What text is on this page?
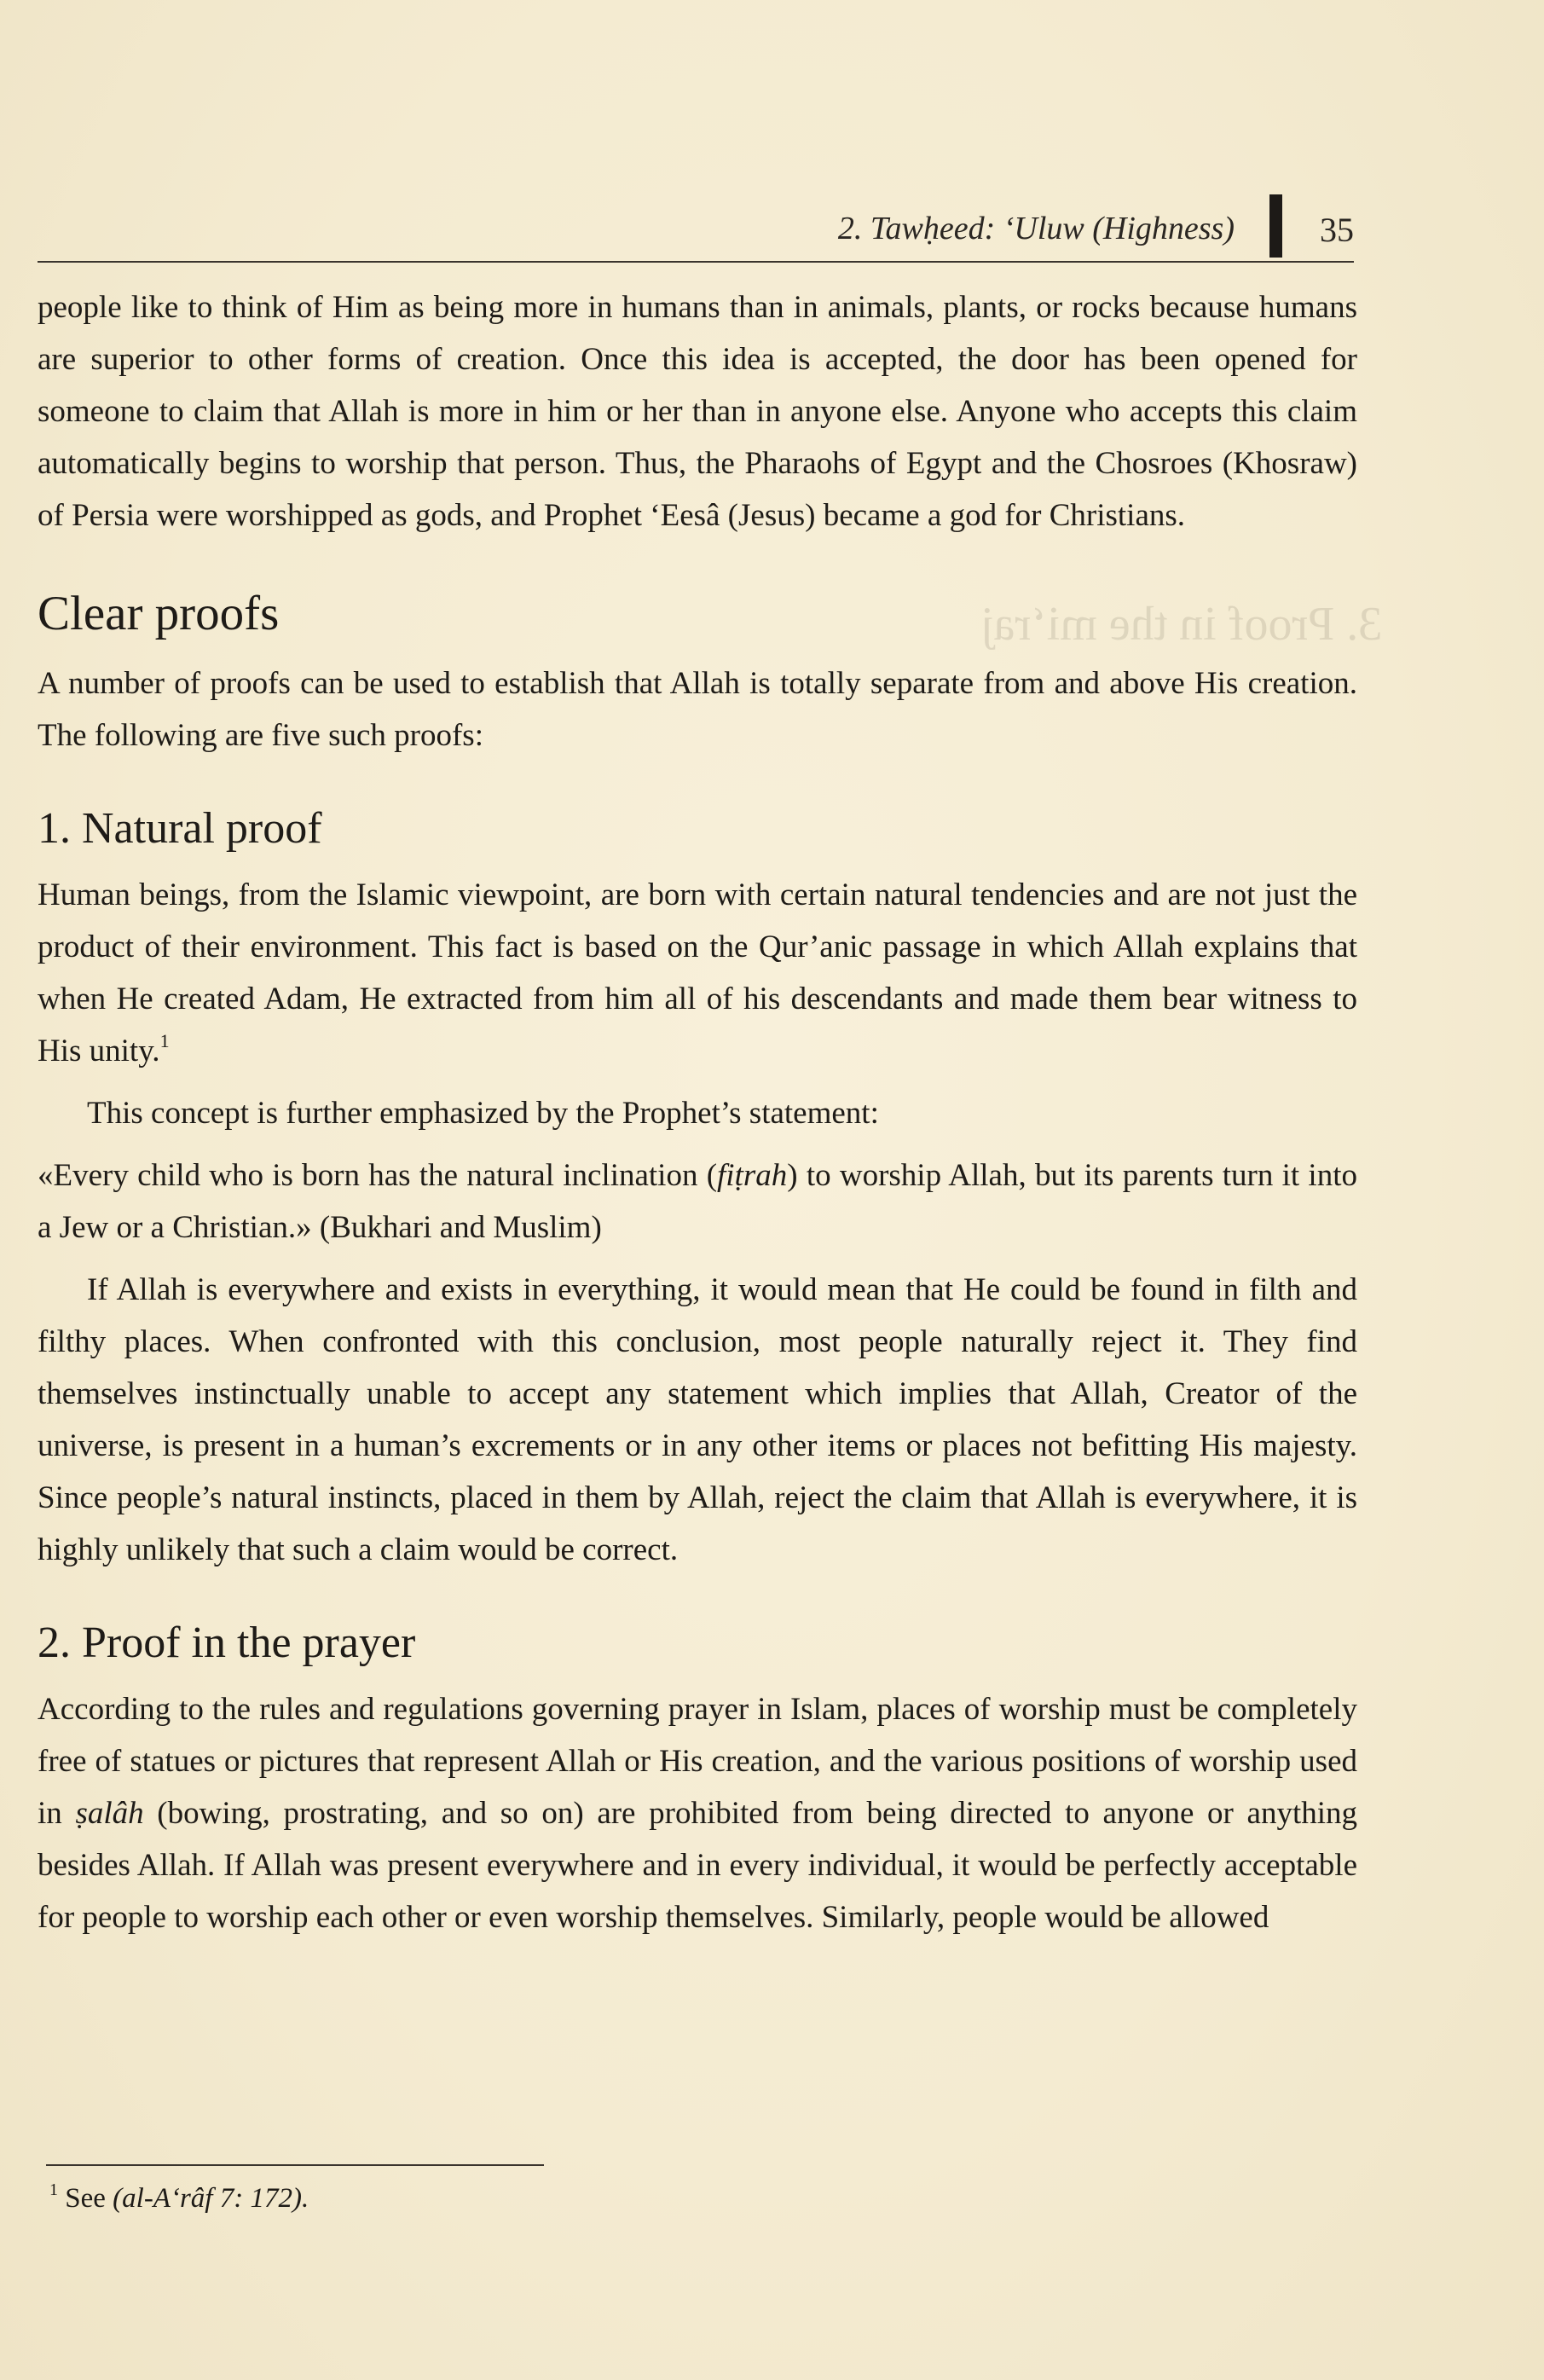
3. Proof in the mi‘raj
2. Tawḥeed: ‘Uluw (Highness)	35

people like to think of Him as being more in humans than in animals, plants, or rocks because humans are superior to other forms of creation. Once this idea is accepted, the door has been opened for someone to claim that Allah is more in him or her than in anyone else. Anyone who accepts this claim automatically begins to worship that person. Thus, the Pharaohs of Egypt and the Chosroes (Khosraw) of Persia were worshipped as gods, and Prophet ‘Eesâ (Jesus) became a god for Christians.

Clear proofs

A number of proofs can be used to establish that Allah is totally separate from and above His creation. The following are five such proofs:

1. Natural proof

Human beings, from the Islamic viewpoint, are born with certain natural tendencies and are not just the product of their environment. This fact is based on the Qur’anic passage in which Allah explains that when He created Adam, He extracted from him all of his descendants and made them bear witness to His unity.$^1$

This concept is further emphasized by the Prophet’s statement:

«Every child who is born has the natural inclination (fiṭrah) to worship Allah, but its parents turn it into a Jew or a Christian.» (Bukhari and Muslim)

If Allah is everywhere and exists in everything, it would mean that He could be found in filth and filthy places. When confronted with this conclusion, most people naturally reject it. They find themselves instinctually unable to accept any statement which implies that Allah, Creator of the universe, is present in a human’s excrements or in any other items or places not befitting His majesty. Since people’s natural instincts, placed in them by Allah, reject the claim that Allah is everywhere, it is highly unlikely that such a claim would be correct.

2. Proof in the prayer

According to the rules and regulations governing prayer in Islam, places of worship must be completely free of statues or pictures that represent Allah or His creation, and the various positions of worship used in ṣalâh (bowing, prostrating, and so on) are prohibited from being directed to anyone or anything besides Allah. If Allah was present everywhere and in every individual, it would be perfectly acceptable for people to worship each other or even worship themselves. Similarly, people would be allowed

$^1$ See (al-A‘râf 7: 172).
